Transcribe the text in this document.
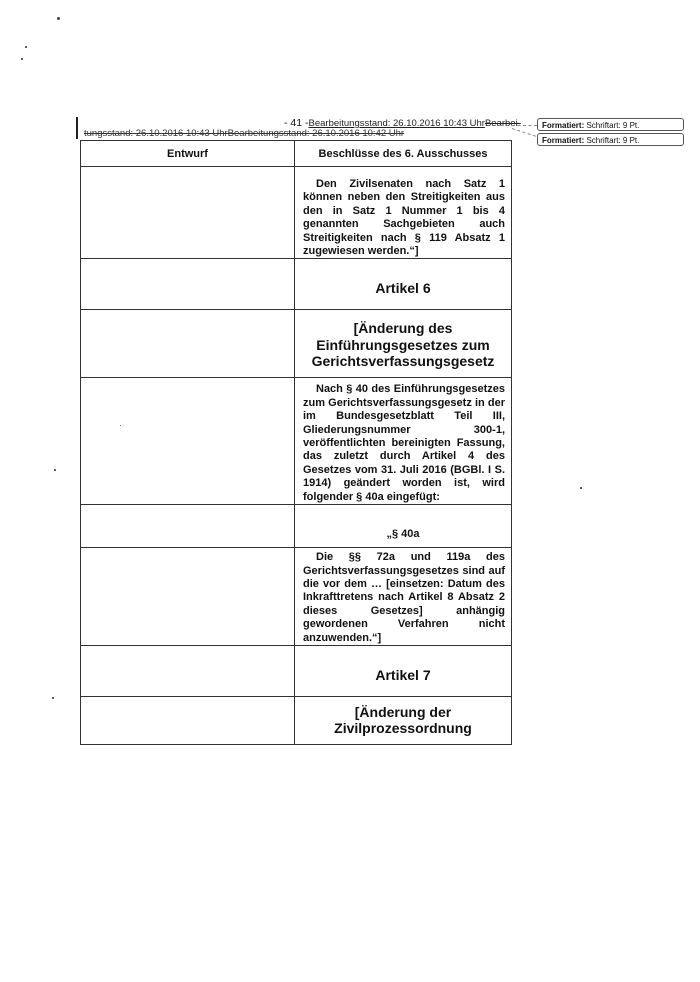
- 41 -Bearbeitungsstand: 26.10.2016 10:43 UhrBearbei-
tungsstand: 26.10.2016 10:43 UhrBearbeitungsstand: 26.10.2016 10:42 Uhr
Formatiert: Schriftart: 9 Pt.
Formatiert: Schriftart: 9 Pt.
Entwurf	Beschlüsse des 6. Ausschusses

	Den Zivilsenaten nach Satz 1 können neben den Streitigkeiten aus den in Satz 1 Nummer 1 bis 4 genannten Sachgebieten auch Streitigkeiten nach § 119 Absatz 1 zugewiesen werden.“]

	Artikel 6

	[Änderung des Einführungsgesetzes zum Gerichtsverfassungsgesetz

	Nach § 40 des Einführungsgesetzes zum Gerichtsverfassungsgesetz in der im Bundesgesetzblatt Teil III, Gliederungsnummer 300-1, veröffentlichten bereinigten Fassung, das zuletzt durch Artikel 4 des Gesetzes vom 31. Juli 2016 (BGBl. I S. 1914) geändert worden ist, wird folgender § 40a eingefügt:

	„§ 40a

	Die §§ 72a und 119a des Gerichtsverfassungsgesetzes sind auf die vor dem … [einsetzen: Datum des Inkrafttretens nach Artikel 8 Absatz 2 dieses Gesetzes] anhängig gewordenen Verfahren nicht anzuwenden.“]

	Artikel 7

	[Änderung der Zivilprozessordnung
